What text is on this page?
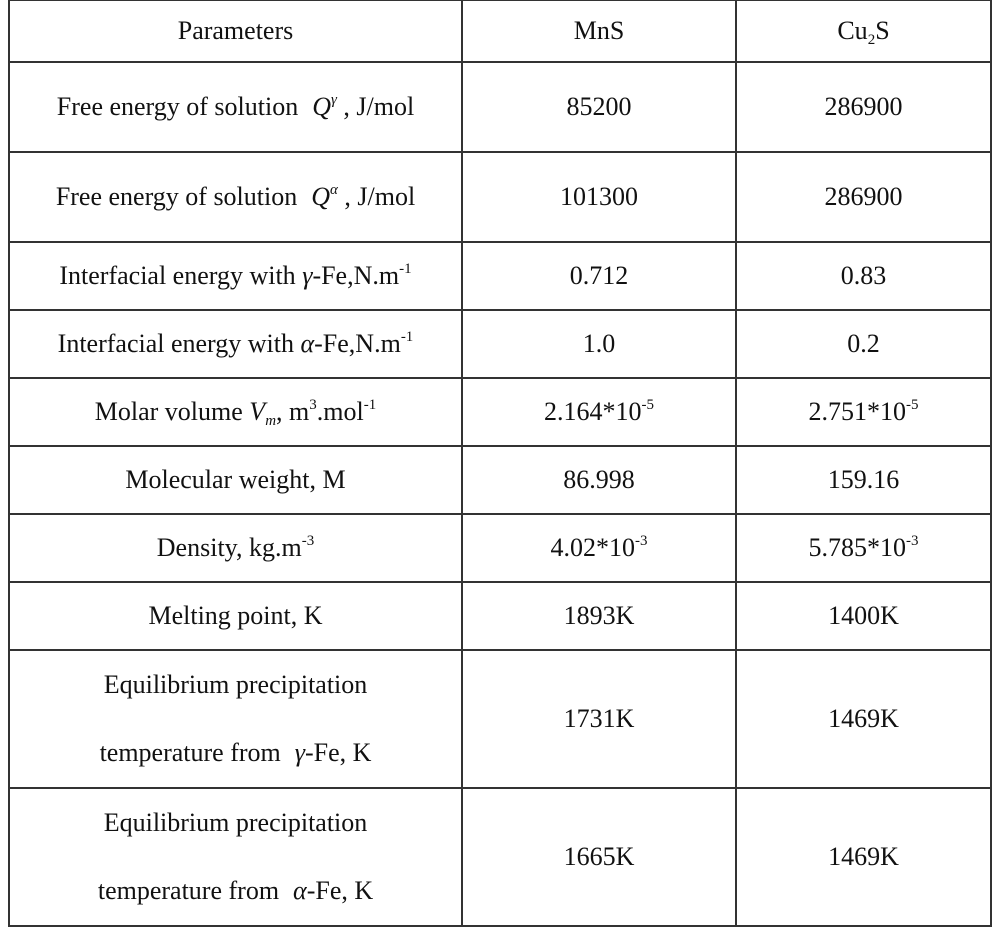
Parameters	MnS	$Cu_2S$
Free energy of solution $Q^\gamma$ , J/mol	85200	286900
Free energy of solution $Q^\alpha$ , J/mol	101300	286900
Interfacial energy with $\gamma-Fe,N.m^{-1}$	0.712	0.83
Interfacial energy with $\alpha-Fe,N.m^{-1}$	1.0	0.2
Molar volume $V_m$, $m^3.mol^{-1}$	$2.164*10^{-5}$	$2.751*10^{-5}$
Molecular weight, M	86.998	159.16
Density, $kg.m^{-3}$	$4.02*10^{-3}$	$5.785*10^{-3}$
Melting point, K	1893K	1400K

Equilibrium precipitation
temperature from γ-Fe, K	1731K	1469K

Equilibrium precipitation
temperature from α-Fe, K	1665K	1469K
